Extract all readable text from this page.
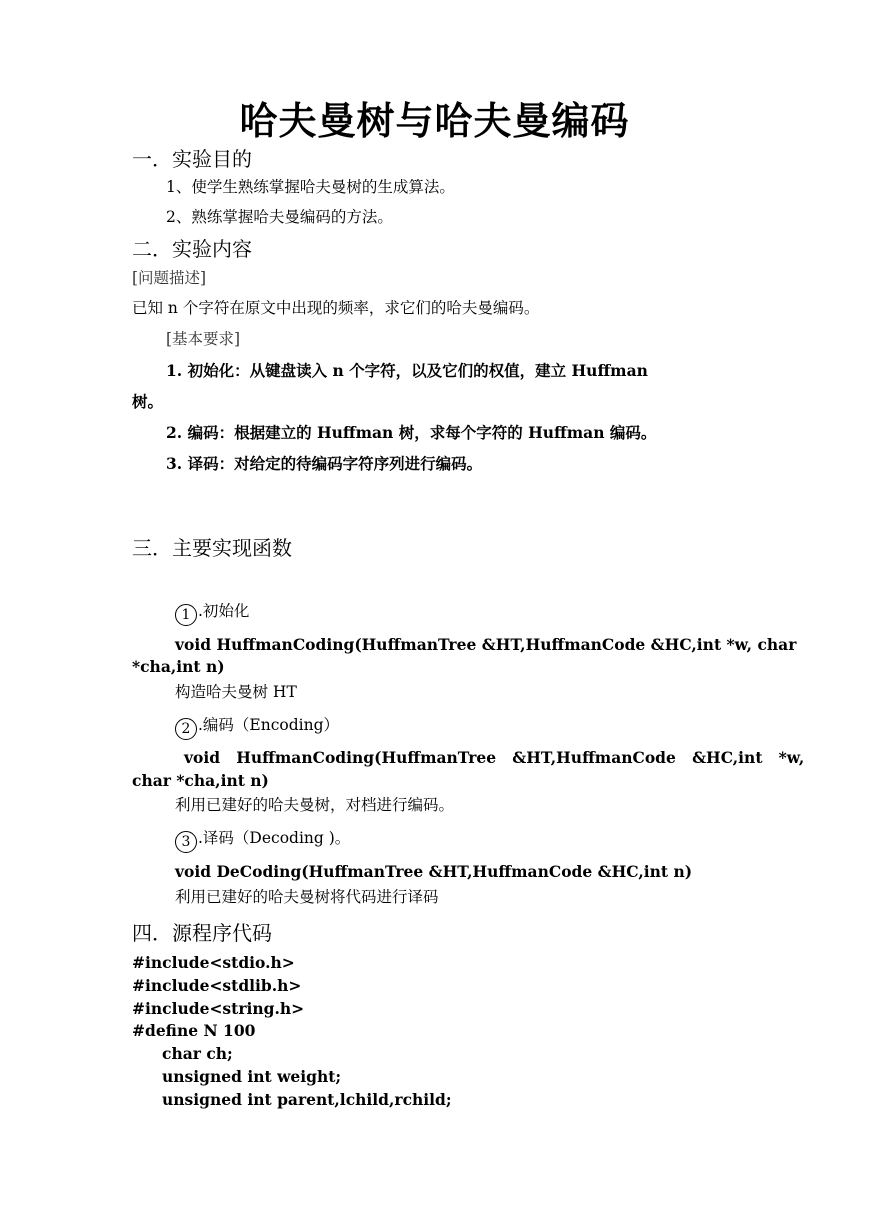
哈夫曼树与哈夫曼编码
一．实验目的
1、使学生熟练掌握哈夫曼树的生成算法。
2、熟练掌握哈夫曼编码的方法。
二．实验内容
[问题描述]
已知 n 个字符在原文中出现的频率，求它们的哈夫曼编码。
[基本要求]
1. 初始化：从键盘读入 n 个字符，以及它们的权值，建立 Huffman
树。
2. 编码：根据建立的 Huffman 树，求每个字符的 Huffman 编码。
3. 译码：对给定的待编码字符序列进行编码。
三．主要实现函数
1 .初始化
void HuffmanCoding(HuffmanTree &HT,HuffmanCode &HC,int *w, char
*cha,int n)
构造哈夫曼树 HT
2 .编码（Encoding）
void   HuffmanCoding(HuffmanTree   &HT,HuffmanCode   &HC,int   *w,
char *cha,int n)
利用已建好的哈夫曼树，对档进行编码。
3 .译码（Decoding )。
void DeCoding(HuffmanTree &HT,HuffmanCode &HC,int n)
利用已建好的哈夫曼树将代码进行译码
四．源程序代码
#include<stdio.h>
#include<stdlib.h>
#include<string.h>
#define N 100
char ch;
unsigned int weight;
unsigned int parent,lchild,rchild;
